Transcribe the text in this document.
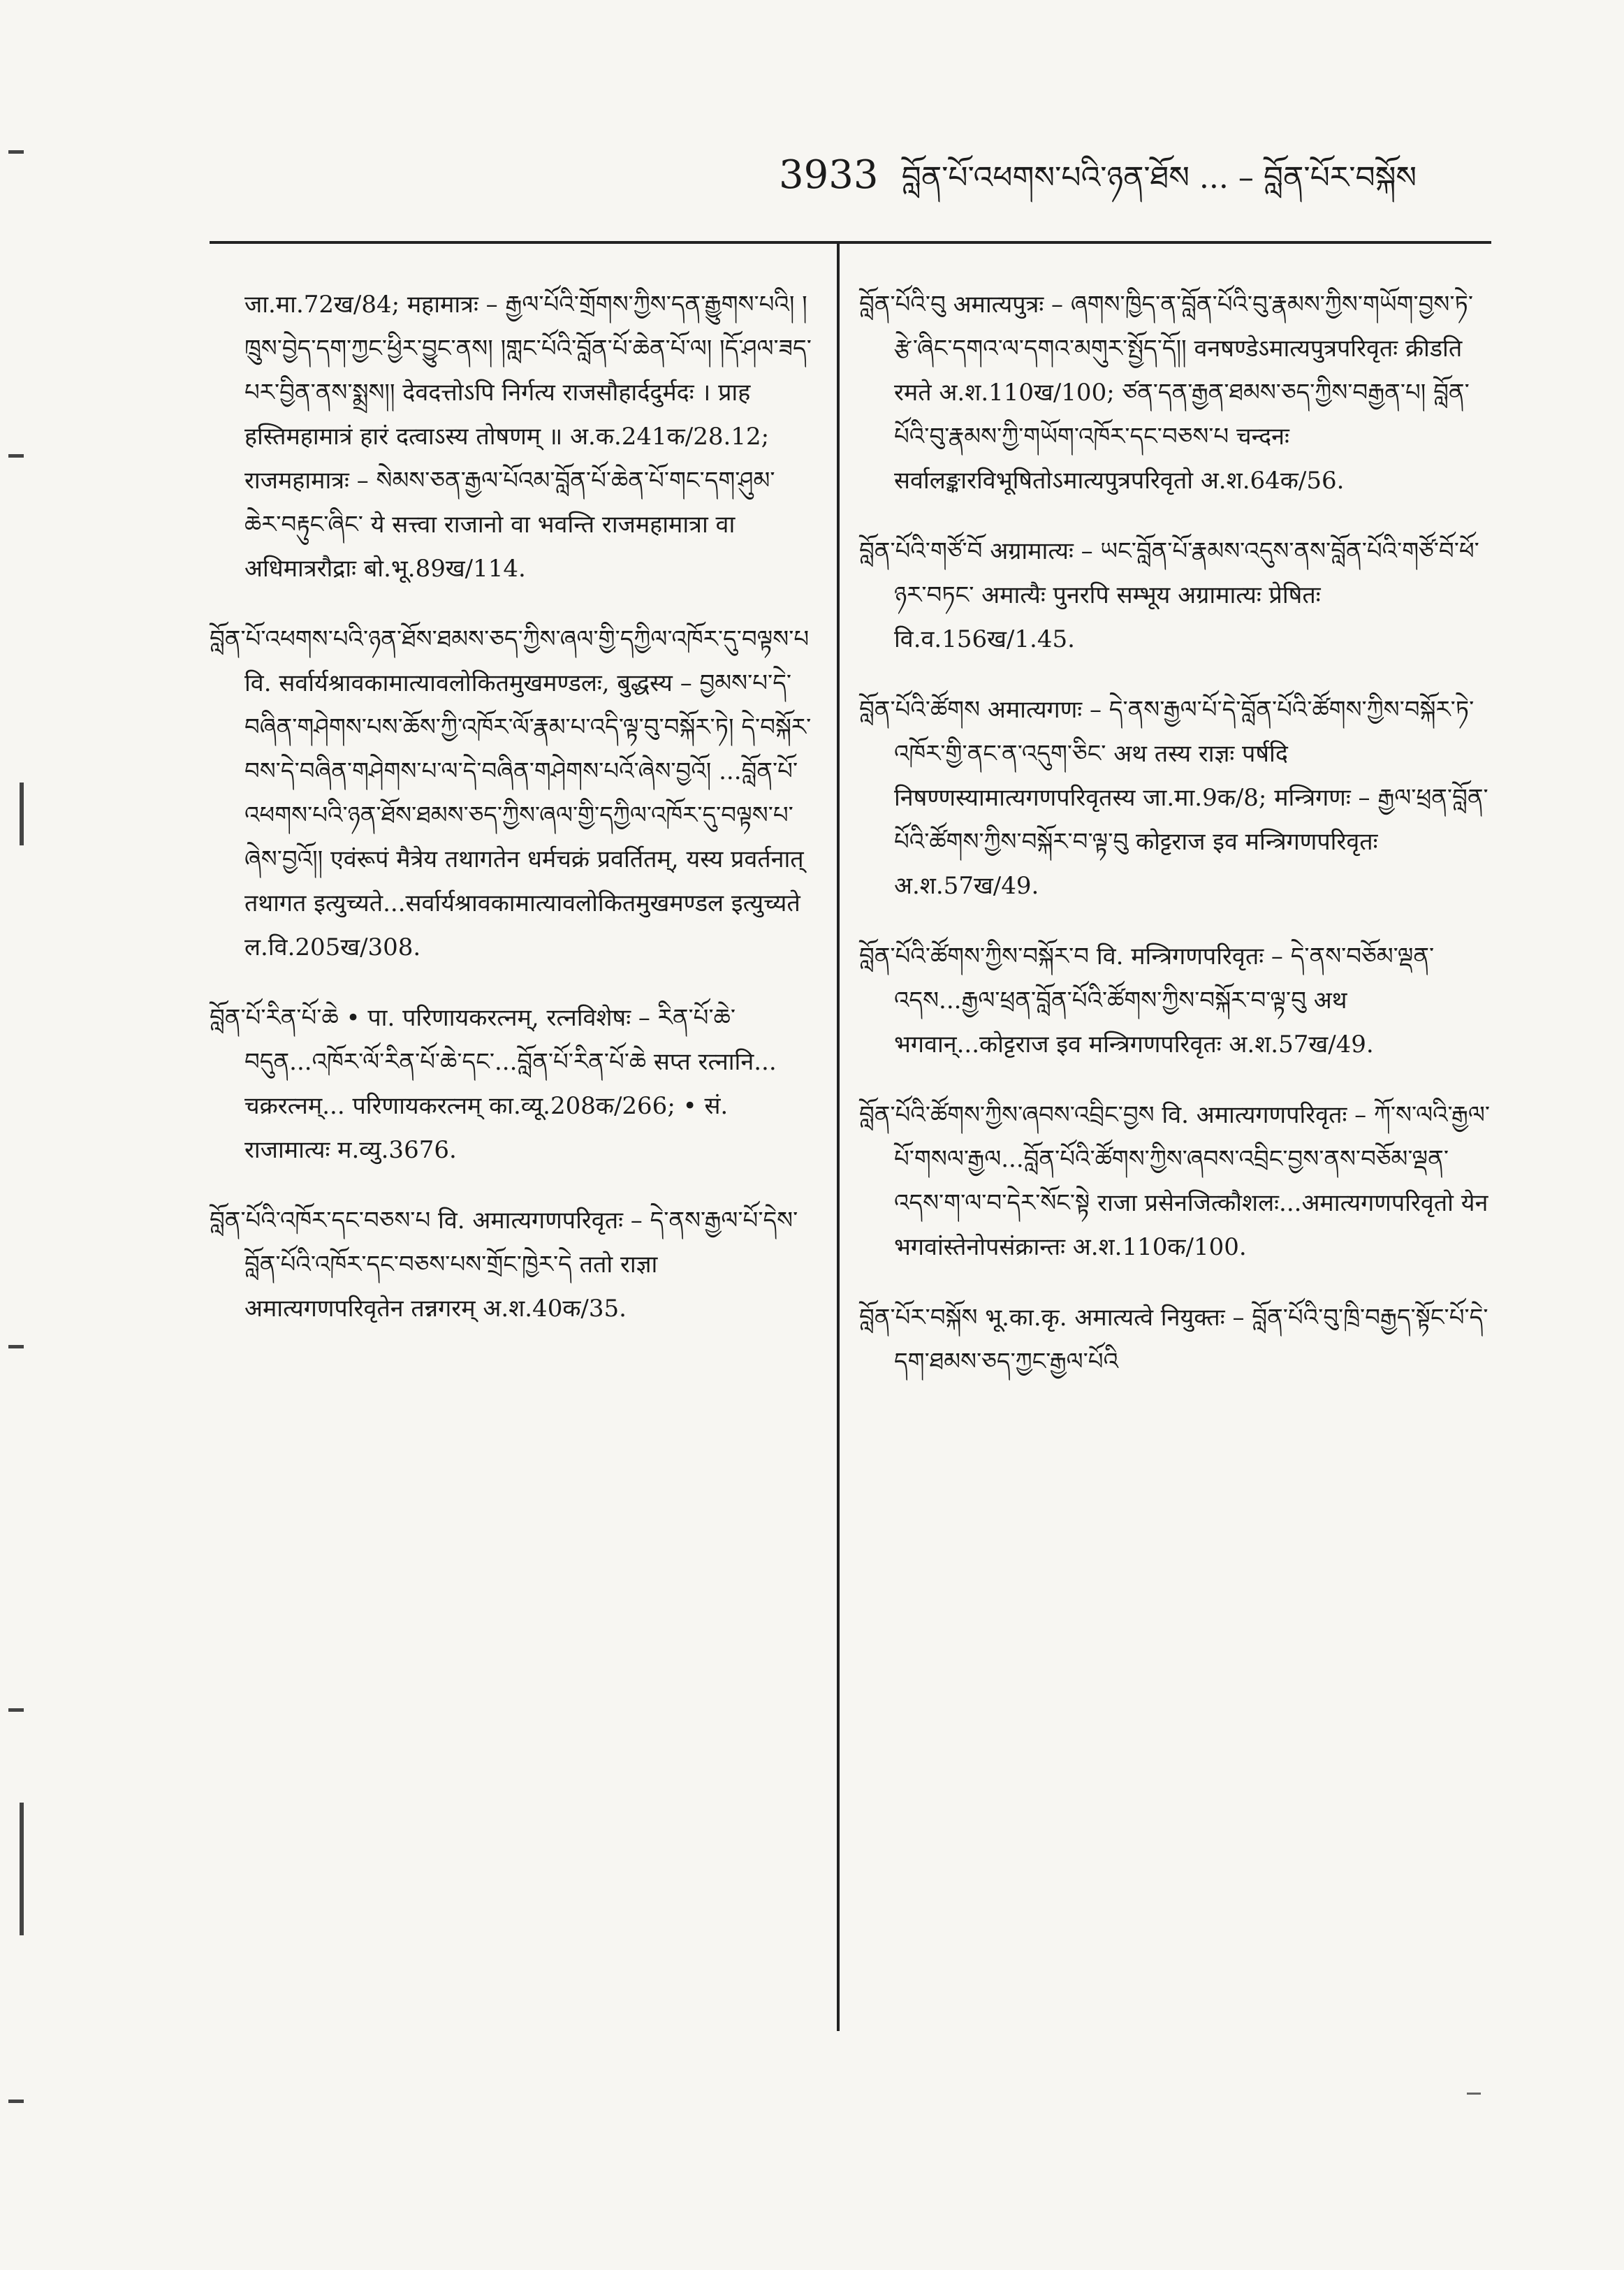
3933 བློན་པོ་འཕགས་པའི་ཉན་ཐོས ... – བློན་པོར་བསྐོས

जा.मा.72ख/84; महामात्रः – རྒྱལ་པོའི་གྲོགས་ཀྱིས་དན་རྒྱུགས་པའི། །ཁྲུས་བྱེད་དག་ཀྱང་ཕྱིར་བྱུང་ནས། །གླང་པོའི་བློན་པོ་ཆེན་པོ་ལ། །དོ་ཤལ་ཟད་པར་བྱིན་ནས་སྨྲས།། देवदत्तोऽपि निर्गत्य राजसौहार्ददुर्मदः । प्राह हस्तिमहामात्रं हारं दत्वाऽस्य तोषणम् ॥ अ.क.241क/28.12; राजमहामात्रः – སེམས་ཅན་རྒྱལ་པོའམ་བློན་པོ་ཆེན་པོ་གང་དག་ཤུམ་ཆེར་བརྟུང་ཞིང་ ये सत्त्वा राजानो वा भवन्ति राजमहामात्रा वा अधिमात्ररौद्राः बो.भू.89ख/114.

བློན་པོ་འཕགས་པའི་ཉན་ཐོས་ཐམས་ཅད་ཀྱིས་ཞལ་གྱི་དཀྱིལ་འཁོར་དུ་བལྟས་པ वि. सर्वार्यश्रावकामात्यावलोकितमुखमण्डलः, बुद्धस्य – བྱམས་པ་དེ་བཞིན་གཤེགས་པས་ཆོས་ཀྱི་འཁོར་ལོ་རྣམ་པ་འདི་ལྟ་བུ་བསྐོར་ཏེ། དེ་བསྐོར་བས་དེ་བཞིན་གཤེགས་པ་ལ་དེ་བཞིན་གཤེགས་པའོ་ཞེས་བྱའོ། ...བློན་པོ་འཕགས་པའི་ཉན་ཐོས་ཐམས་ཅད་ཀྱིས་ཞལ་གྱི་དཀྱིལ་འཁོར་དུ་བལྟས་པ་ཞེས་བྱའོ།། एवंरूपं मैत्रेय तथागतेन धर्मचक्रं प्रवर्तितम्, यस्य प्रवर्तनात् तथागत इत्युच्यते...सर्वार्यश्रावकामात्यावलोकितमुखमण्डल इत्युच्यते ल.वि.205ख/308.

བློན་པོ་རིན་པོ་ཆེ • पा. परिणायकरत्नम्, रत्नविशेषः – རིན་པོ་ཆེ་བདུན...འཁོར་ལོ་རིན་པོ་ཆེ་དང་...བློན་པོ་རིན་པོ་ཆེ सप्त रत्नानि... चक्ररत्नम्... परिणायकरत्नम् का.व्यू.208क/266; • सं. राजामात्यः म.व्यु.3676.

བློན་པོའི་འཁོར་དང་བཅས་པ वि. अमात्यगणपरिवृतः – དེ་ནས་རྒྱལ་པོ་དེས་བློན་པོའི་འཁོར་དང་བཅས་པས་གྲོང་ཁྱེར་དེ ततो राज्ञा अमात्यगणपरिवृतेन तन्नगरम् अ.श.40क/35.

བློན་པོའི་བུ अमात्यपुत्रः – ཞགས་ཁྱིད་ན་བློན་པོའི་བུ་རྣམས་ཀྱིས་གཡོག་བྱས་ཏེ་རྩེ་ཞིང་དགའ་ལ་དགའ་མགུར་སྤྱོད་དོ།། वनषण्डेऽमात्यपुत्रपरिवृतः क्रीडति रमते अ.श.110ख/100; ཙན་དན་རྒྱན་ཐམས་ཅད་ཀྱིས་བརྒྱན་པ། བློན་པོའི་བུ་རྣམས་ཀྱི་གཡོག་འཁོར་དང་བཅས་པ चन्दनः सर्वालङ्कारविभूषितोऽमात्यपुत्रपरिवृतो अ.श.64क/56.

བློན་པོའི་གཙོ་བོ अग्रामात्यः – ཡང་བློན་པོ་རྣམས་འདུས་ནས་བློན་པོའི་གཙོ་བོ་ཕོ་ཉར་བཏང་ अमात्यैः पुनरपि सम्भूय अग्रामात्यः प्रेषितः वि.व.156ख/1.45.

བློན་པོའི་ཚོགས अमात्यगणः – དེ་ནས་རྒྱལ་པོ་དེ་བློན་པོའི་ཚོགས་ཀྱིས་བསྐོར་ཏེ་འཁོར་གྱི་ནང་ན་འདུག་ཅིང་ अथ तस्य राज्ञः पर्षदि निषण्णस्यामात्यगणपरिवृतस्य जा.मा.9क/8; मन्त्रिगणः – རྒྱལ་ཕྲན་བློན་པོའི་ཚོགས་ཀྱིས་བསྐོར་བ་ལྟ་བུ कोट्टराज इव मन्त्रिगणपरिवृतः अ.श.57ख/49.

བློན་པོའི་ཚོགས་ཀྱིས་བསྐོར་བ वि. मन्त्रिगणपरिवृतः – དེ་ནས་བཅོམ་ལྡན་འདས...རྒྱལ་ཕྲན་བློན་པོའི་ཚོགས་ཀྱིས་བསྐོར་བ་ལྟ་བུ अथ भगवान्...कोट्टराज इव मन्त्रिगणपरिवृतः अ.श.57ख/49.

བློན་པོའི་ཚོགས་ཀྱིས་ཞབས་འབྲིང་བྱས वि. अमात्यगणपरिवृतः – ཀོ་ས་ལའི་རྒྱལ་པོ་གསལ་རྒྱལ...བློན་པོའི་ཚོགས་ཀྱིས་ཞབས་འབྲིང་བྱས་ནས་བཅོམ་ལྡན་འདས་ག་ལ་བ་དེར་སོང་སྟེ राजा प्रसेनजित्कौशलः...अमात्यगणपरिवृतो येन भगवांस्तेनोपसंक्रान्तः अ.श.110क/100.

བློན་པོར་བསྐོས भू.का.कृ. अमात्यत्वे नियुक्तः – བློན་པོའི་བུ་ཁྲི་བརྒྱད་སྟོང་པོ་དེ་དག་ཐམས་ཅད་ཀྱང་རྒྱལ་པོའི
